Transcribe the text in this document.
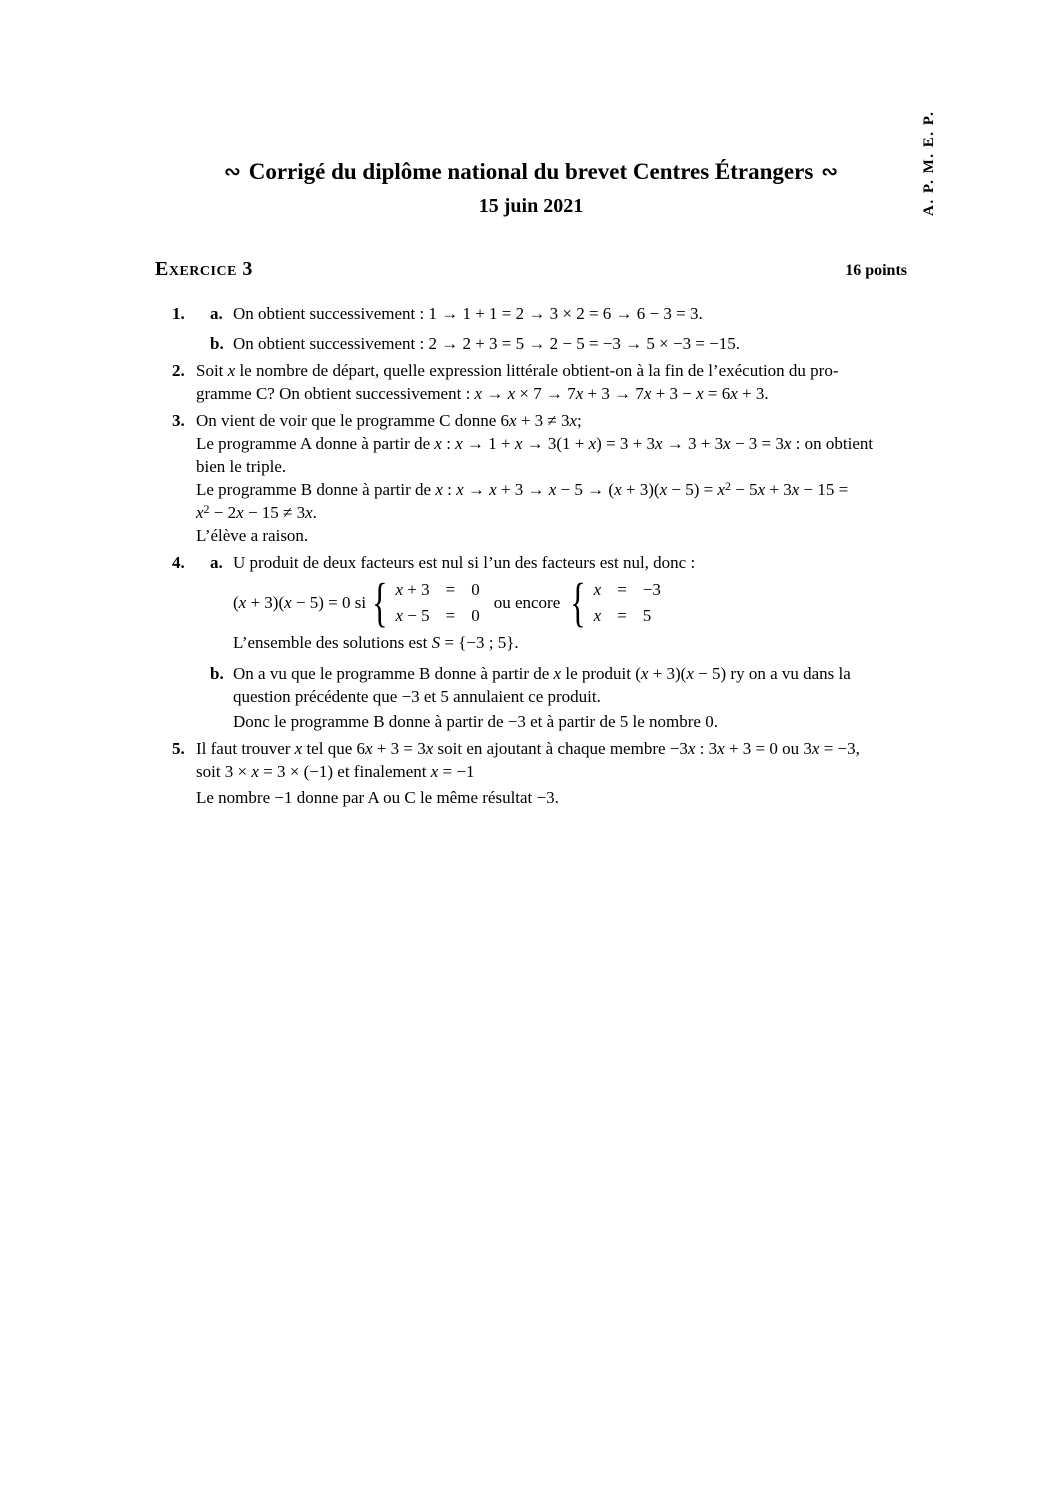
A. P. M. E. P.
∾ Corrigé du diplôme national du brevet Centres Étrangers ∾
15 juin 2021
Exercice 3	16 points
1.	a. On obtient successivement : 1 → 1 + 1 = 2 → 3 × 2 = 6 → 6 − 3 = 3.
b. On obtient successivement : 2 → 2 + 3 = 5 → 2 − 5 = −3 → 5 × −3 = −15.
2. Soit x le nombre de départ, quelle expression littérale obtient-on à la fin de l’exécution du pro-
gramme C? On obtient successivement : x → x × 7 → 7x + 3 → 7x + 3 − x = 6x + 3.
3. On vient de voir que le programme C donne 6x + 3 ≠ 3x;
Le programme A donne à partir de x : x → 1 + x → 3(1 + x) = 3 + 3x → 3 + 3x − 3 = 3x : on obtient
bien le triple.
Le programme B donne à partir de x : $x \to x + 3 \to x - 5 \to (x + 3)(x - 5) = x^2 - 5x + 3x - 15$ =
$x^2 - 2x - 15 \ne 3x$.
L’élève a raison.
4.	a. U produit de deux facteurs est nul si l’un des facteurs est nul, donc :
(x + 3)(x − 5) = 0 si { x + 3 = 0
x − 5 = 0
ou encore { x = −3
x = 5
L’ensemble des solutions est S = {−3 ; 5}.
b. On a vu que le programme B donne à partir de x le produit (x + 3)(x − 5) ry on a vu dans la
question précédente que −3 et 5 annulaient ce produit.
Donc le programme B donne à partir de −3 et à partir de 5 le nombre 0.
5. Il faut trouver x tel que 6x + 3 = 3x soit en ajoutant à chaque membre −3x : 3x + 3 = 0 ou 3x = −3,
soit 3 × x = 3 × (−1) et finalement x = −1
Le nombre −1 donne par A ou C le même résultat −3.
